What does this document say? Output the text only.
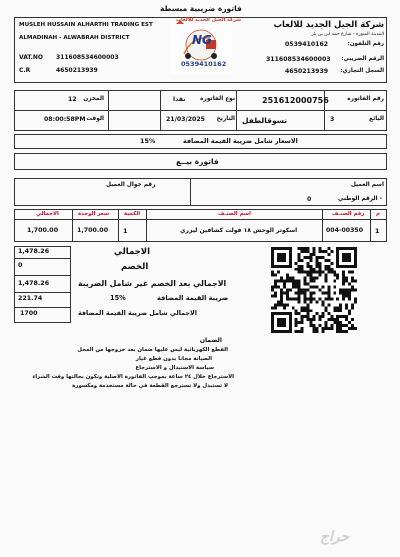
فاتورة ضريبية مبسطة
MUSLEH HUSSAIN ALHARTHI TRADING EST
ALMADINAH - ALWABRAH DISTRICT
VAT.NO 311608534600003
C.R	4650213939
شركة الجيل الجديد للالعاب
NG
0539410162
شركة الجيل الجديد للالعاب
المدينة المنورة - شارع حمد ابن بن بئر
رقم التلفون:
0539410162
الرقم الضريبي:
311608534600003
السجل التجاري:
4650213939
رقم الفاتورة
251612000756
نوع الفاتورة
نقدا
المخزن
12
البائع
3
نسوقالطفل
التاريخ
21/03/2025
الوقت
08:00:58PM
الاسعار شامل ضريبة القيمة المضافة
15%
فاتورة بيــع
اسم العميل
رقم جوال العميل
- الرقم الوطني
0
م
رقم الصنـف
اسم الصنـف
الكمية
سعر الوحدة
الاجمالي
1
004-00350
اسكوتر الوحش ١٨ فولت كشافين ليزري
1
1,700.00
1,700.00
1,478.26
0
1,478.26
221.74
1700
الاجمالي
الخصم
الاجمالي بعد الخصم غير شامل الضريبة
ضريبة القيمة المضافة
15%
الاجمالي شامل ضريبة القيمة المضافة
الضمان
القطع الكهربائية ليس عليها ضمان بعد خروجها من المحل
الصيانة مجانا بدون قطع غيار
سياسة الاستبدال و الاسترجاع
الاسترجاع خلال ٢٤ ساعة بموجب الفاتورة الاصلية وتكون بحالتها وقت الشراء
لا تستبدل ولا تسترجع القطعة في حالة مستخدمة ومكسورة
حراج
